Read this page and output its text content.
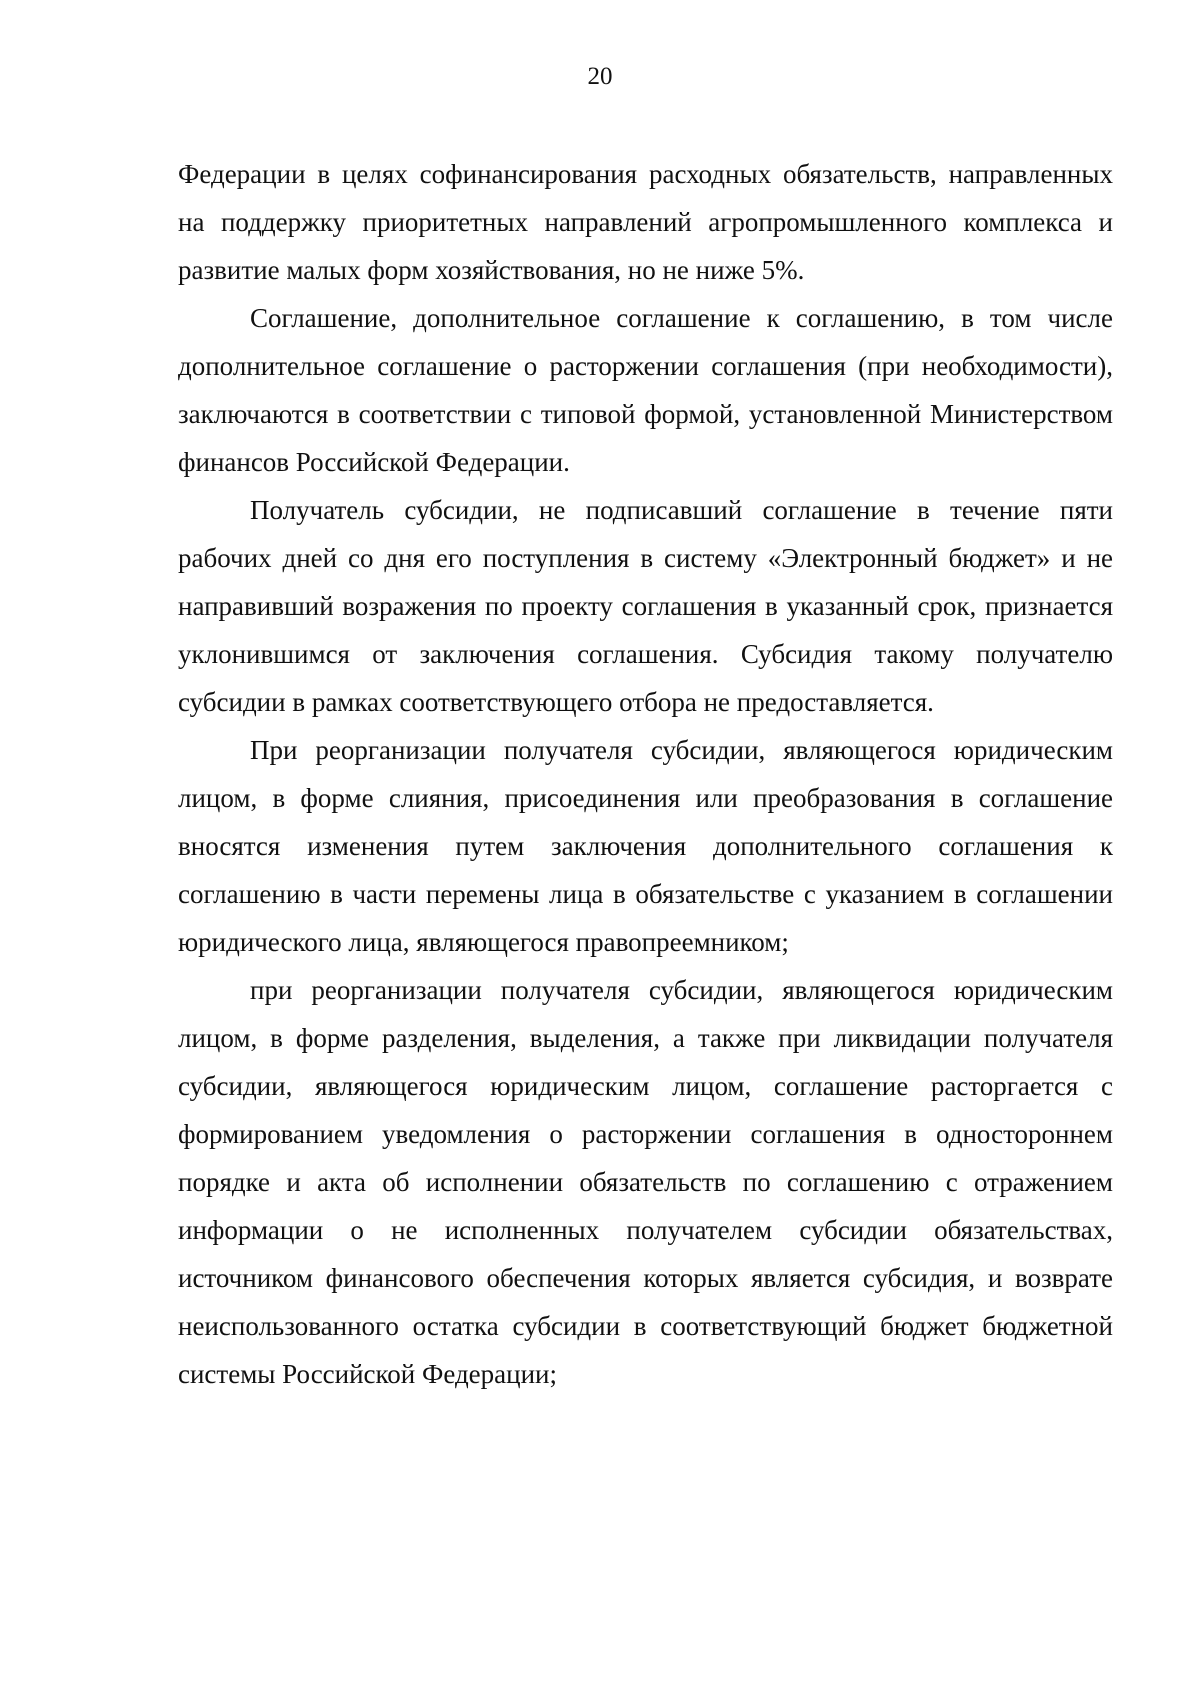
20

Федерации в целях софинансирования расходных обязательств, направленных на поддержку приоритетных направлений агропромышленного комплекса и развитие малых форм хозяйствования, но не ниже 5%.

Соглашение, дополнительное соглашение к соглашению, в том числе дополнительное соглашение о расторжении соглашения (при необходимости), заключаются в соответствии с типовой формой, установленной Министерством финансов Российской Федерации.

Получатель субсидии, не подписавший соглашение в течение пяти рабочих дней со дня его поступления в систему «Электронный бюджет» и не направивший возражения по проекту соглашения в указанный срок, признается уклонившимся от заключения соглашения. Субсидия такому получателю субсидии в рамках соответствующего отбора не предоставляется.

При реорганизации получателя субсидии, являющегося юридическим лицом, в форме слияния, присоединения или преобразования в соглашение вносятся изменения путем заключения дополнительного соглашения к соглашению в части перемены лица в обязательстве с указанием в соглашении юридического лица, являющегося правопреемником;

при реорганизации получателя субсидии, являющегося юридическим лицом, в форме разделения, выделения, а также при ликвидации получателя субсидии, являющегося юридическим лицом, соглашение расторгается с формированием уведомления о расторжении соглашения в одностороннем порядке и акта об исполнении обязательств по соглашению с отражением информации о не исполненных получателем субсидии обязательствах, источником финансового обеспечения которых является субсидия, и возврате неиспользованного остатка субсидии в соответствующий бюджет бюджетной системы Российской Федерации;
